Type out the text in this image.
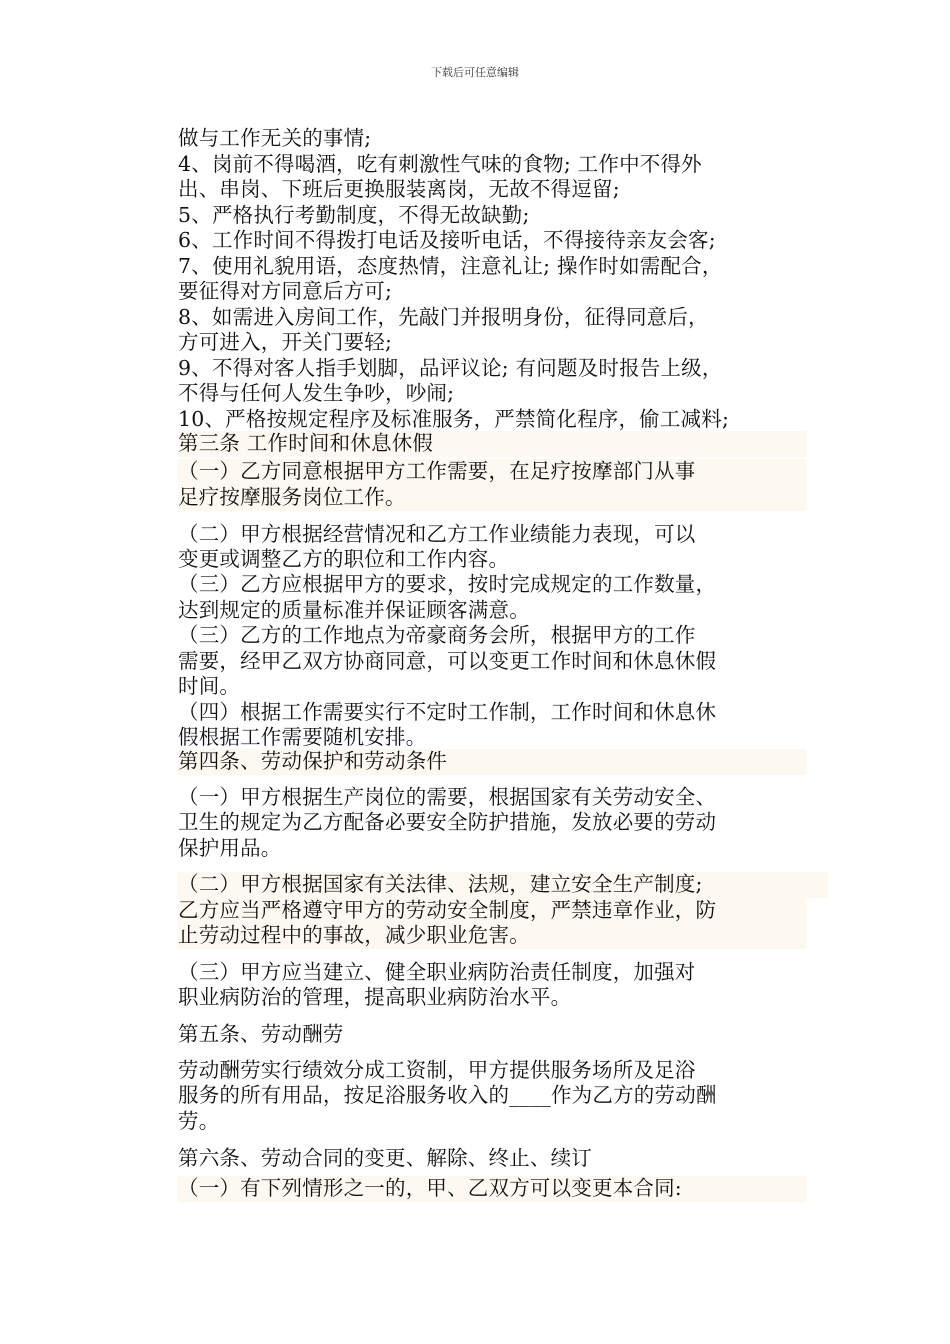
下载后可任意编辑
做与工作无关的事情;
4、岗前不得喝酒，吃有刺激性气味的食物; 工作中不得外
出、串岗、下班后更换服装离岗，无故不得逗留;
5、严格执行考勤制度，不得无故缺勤;
6、工作时间不得拨打电话及接听电话，不得接待亲友会客;
7、使用礼貌用语，态度热情，注意礼让; 操作时如需配合，
要征得对方同意后方可;
8、如需进入房间工作，先敲门并报明身份，征得同意后，
方可进入，开关门要轻;
9、不得对客人指手划脚，品评议论; 有问题及时报告上级，
不得与任何人发生争吵，吵闹;
10、严格按规定程序及标准服务，严禁简化程序，偷工减料;
第三条 工作时间和休息休假
（一）乙方同意根据甲方工作需要，在足疗按摩部门从事
足疗按摩服务岗位工作。
（二）甲方根据经营情况和乙方工作业绩能力表现，可以
变更或调整乙方的职位和工作内容。
（三）乙方应根据甲方的要求，按时完成规定的工作数量，
达到规定的质量标准并保证顾客满意。
（三）乙方的工作地点为帝豪商务会所，根据甲方的工作
需要，经甲乙双方协商同意，可以变更工作时间和休息休假
时间。
（四）根据工作需要实行不定时工作制，工作时间和休息休
假根据工作需要随机安排。
第四条、劳动保护和劳动条件
（一）甲方根据生产岗位的需要，根据国家有关劳动安全、
卫生的规定为乙方配备必要安全防护措施，发放必要的劳动
保护用品。
（二）甲方根据国家有关法律、法规，建立安全生产制度;
乙方应当严格遵守甲方的劳动安全制度，严禁违章作业，防
止劳动过程中的事故，减少职业危害。
（三）甲方应当建立、健全职业病防治责任制度，加强对
职业病防治的管理，提高职业病防治水平。
第五条、劳动酬劳
劳动酬劳实行绩效分成工资制，甲方提供服务场所及足浴
服务的所有用品，按足浴服务收入的____作为乙方的劳动酬
劳。
第六条、劳动合同的变更、解除、终止、续订
（一）有下列情形之一的，甲、乙双方可以变更本合同:
